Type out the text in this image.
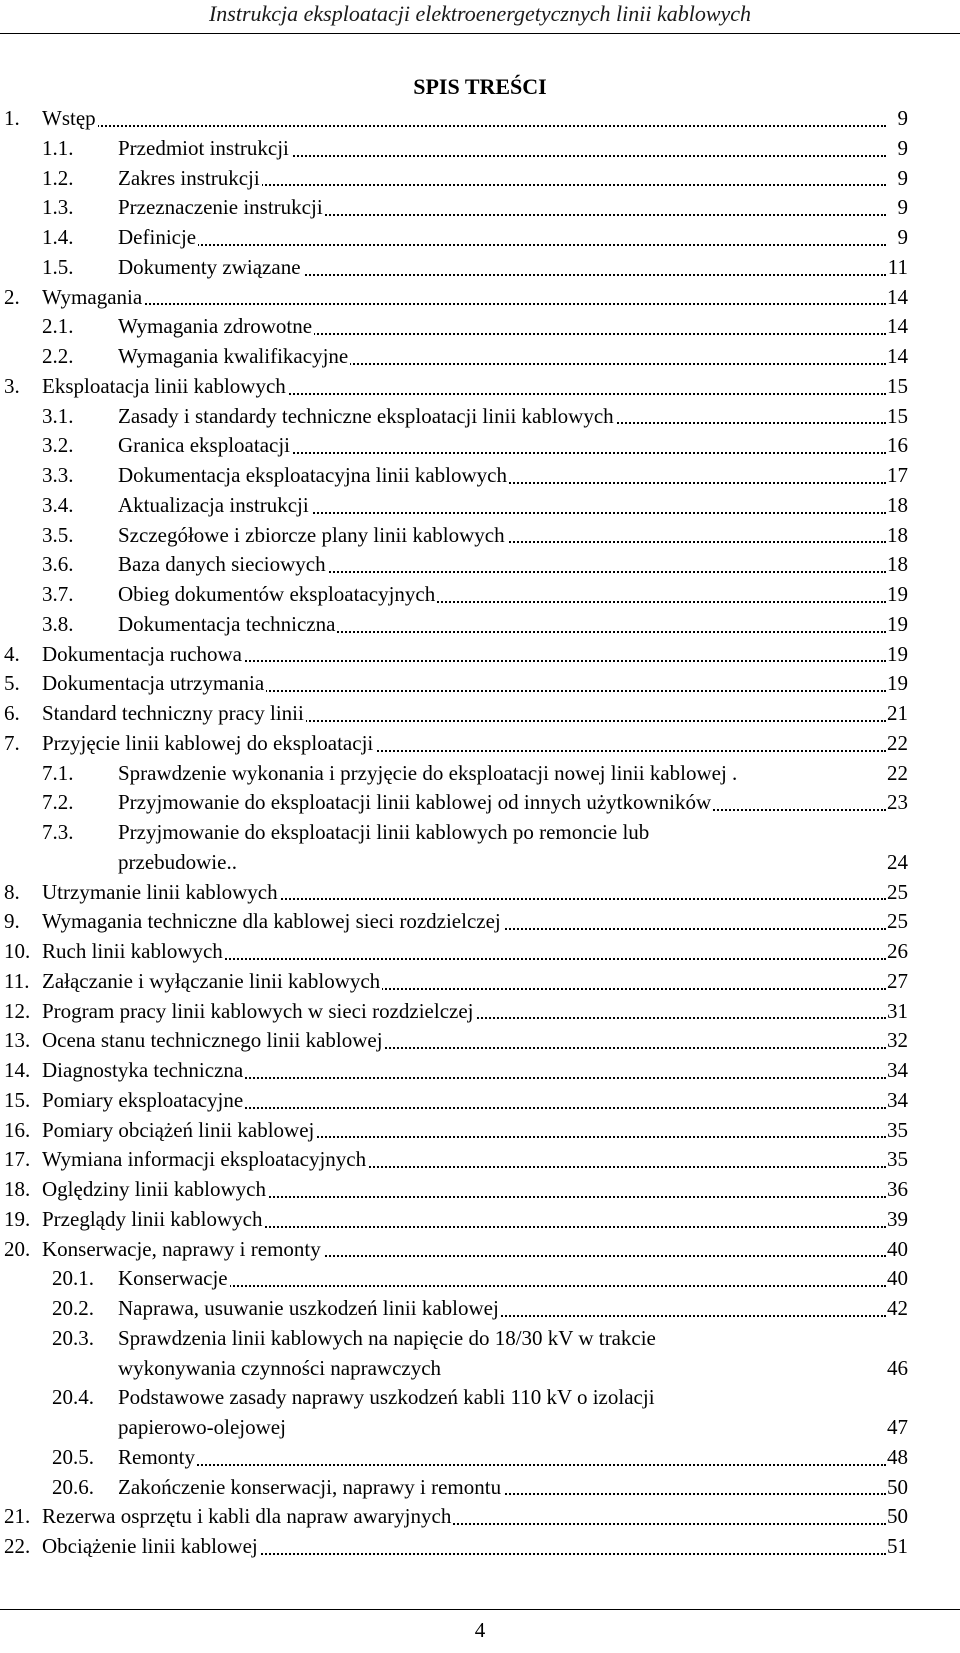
Instrukcja eksploatacji elektroenergetycznych linii kablowych
SPIS TREŚCI
1. Wstęp	9
1.1. Przedmiot instrukcji	9
1.2. Zakres instrukcji	9
1.3. Przeznaczenie instrukcji	9
1.4. Definicje	9
1.5. Dokumenty związane	11
2. Wymagania	14
2.1. Wymagania zdrowotne	14
2.2. Wymagania kwalifikacyjne	14
3. Eksploatacja linii kablowych	15
3.1. Zasady i standardy techniczne eksploatacji linii kablowych	15
3.2. Granica eksploatacji	16
3.3. Dokumentacja eksploatacyjna linii kablowych	17
3.4. Aktualizacja instrukcji	18
3.5. Szczegółowe i zbiorcze plany linii kablowych	18
3.6. Baza danych sieciowych	18
3.7. Obieg dokumentów eksploatacyjnych	19
3.8. Dokumentacja techniczna	19
4. Dokumentacja ruchowa	19
5. Dokumentacja utrzymania	19
6. Standard techniczny pracy linii	21
7. Przyjęcie linii kablowej do eksploatacji	22
7.1. Sprawdzenie wykonania i przyjęcie do eksploatacji nowej linii kablowej .	22
7.2. Przyjmowanie do eksploatacji linii kablowej od innych użytkowników	23
7.3. Przyjmowanie do eksploatacji linii kablowych po remoncie lub
przebudowie..	24
8. Utrzymanie linii kablowych	25
9. Wymagania techniczne dla kablowej sieci rozdzielczej	25
10. Ruch linii kablowych	26
11. Załączanie i wyłączanie linii kablowych	27
12. Program pracy linii kablowych w sieci rozdzielczej	31
13. Ocena stanu technicznego linii kablowej	32
14. Diagnostyka techniczna	34
15. Pomiary eksploatacyjne	34
16. Pomiary obciążeń linii kablowej	35
17. Wymiana informacji eksploatacyjnych	35
18. Oględziny linii kablowych	36
19. Przeglądy linii kablowych	39
20. Konserwacje, naprawy i remonty	40
20.1. Konserwacje	40
20.2. Naprawa, usuwanie uszkodzeń linii kablowej	42
20.3. Sprawdzenia linii kablowych na napięcie do 18/30 kV w trakcie
wykonywania czynności naprawczych	46
20.4. Podstawowe zasady naprawy uszkodzeń kabli 110 kV o izolacji
papierowo-olejowej	47
20.5. Remonty	48
20.6. Zakończenie konserwacji, naprawy i remontu	50
21. Rezerwa osprzętu i kabli dla napraw awaryjnych	50
22. Obciążenie linii kablowej	51
4
